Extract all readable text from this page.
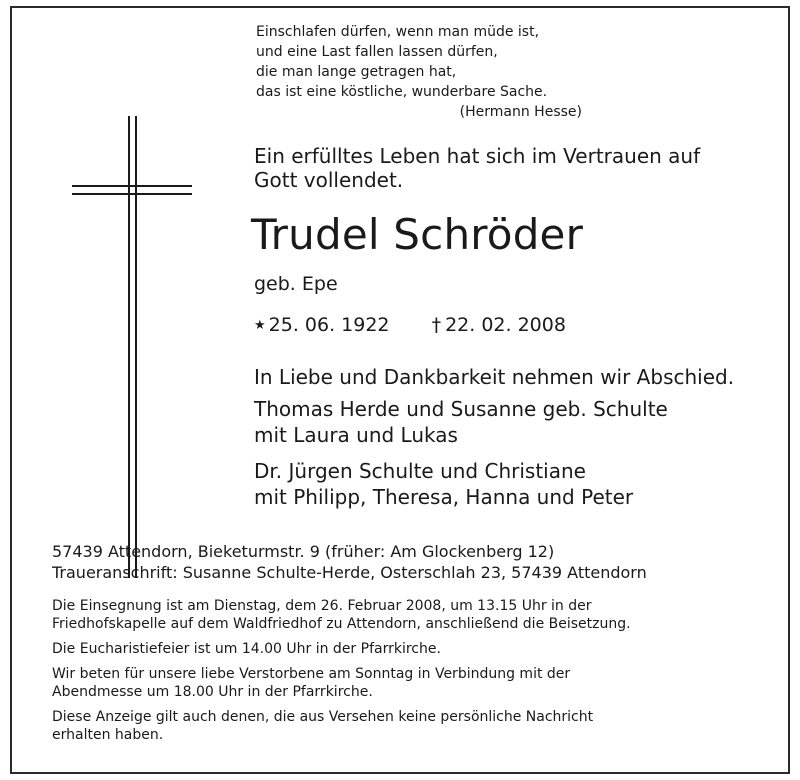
Einschlafen dürfen, wenn man müde ist,
und eine Last fallen lassen dürfen,
die man lange getragen hat,
das ist eine köstliche, wunderbare Sache.
(Hermann Hesse)
Ein erfülltes Leben hat sich im Vertrauen auf
Gott vollendet.
Trudel Schröder
geb. Epe
★ 25. 06. 1922 † 22. 02. 2008
In Liebe und Dankbarkeit nehmen wir Abschied.
Thomas Herde und Susanne geb. Schulte
mit Laura und Lukas
Dr. Jürgen Schulte und Christiane
mit Philipp, Theresa, Hanna und Peter
57439 Attendorn, Bieketurmstr. 9 (früher: Am Glockenberg 12)
Traueranschrift: Susanne Schulte-Herde, Osterschlah 23, 57439 Attendorn
Die Einsegnung ist am Dienstag, dem 26. Februar 2008, um 13.15 Uhr in der
Friedhofskapelle auf dem Waldfriedhof zu Attendorn, anschließend die Beisetzung.
Die Eucharistiefeier ist um 14.00 Uhr in der Pfarrkirche.
Wir beten für unsere liebe Verstorbene am Sonntag in Verbindung mit der
Abendmesse um 18.00 Uhr in der Pfarrkirche.
Diese Anzeige gilt auch denen, die aus Versehen keine persönliche Nachricht
erhalten haben.
